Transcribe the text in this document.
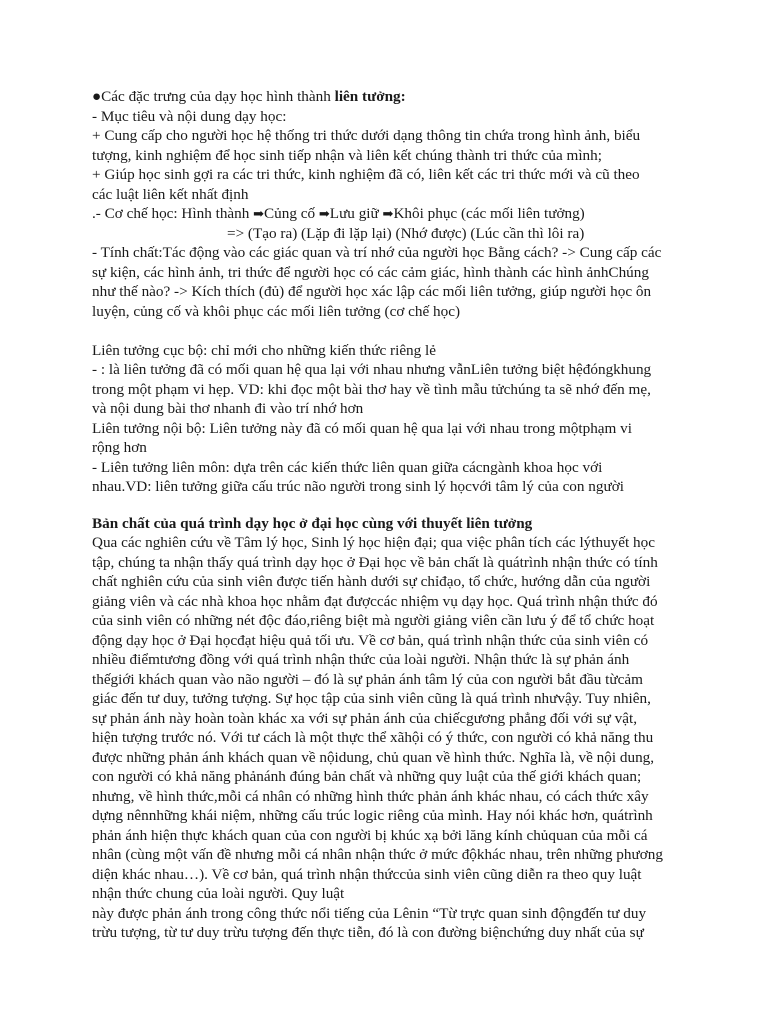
●Các đặc trưng của dạy học hình thành liên tưởng:
- Mục tiêu và nội dung dạy học:
+ Cung cấp cho người học hệ thống tri thức dưới dạng thông tin chứa trong hình ảnh, biểu
tượng, kinh nghiệm để học sinh tiếp nhận và liên kết chúng thành tri thức của mình;
+ Giúp học sinh gợi ra các tri thức, kinh nghiệm đã có, liên kết các tri thức mới và cũ theo
các luật liên kết nhất định
.- Cơ chế học: Hình thành ➡Củng cố ➡Lưu giữ ➡Khôi phục (các mối liên tưởng)
=> (Tạo ra) (Lặp đi lặp lại) (Nhớ được) (Lúc cần thì lôi ra)
- Tính chất:Tác động vào các giác quan và trí nhớ của người học Bằng cách? -> Cung cấp các
sự kiện, các hình ảnh, tri thức để người học có các cảm giác, hình thành các hình ảnhChúng
như thế nào? -> Kích thích (đủ) để người học xác lập các mối liên tưởng, giúp người học ôn
luyện, củng cố và khôi phục các mối liên tưởng (cơ chế học)
Liên tưởng cục bộ: chỉ mới cho những kiến thức riêng lẻ
- : là liên tưởng đã có mối quan hệ qua lại với nhau nhưng vẫnLiên tưởng biệt hệđóngkhung
trong một phạm vi hẹp. VD: khi đọc một bài thơ hay về tình mẫu tửchúng ta sẽ nhớ đến mẹ,
và nội dung bài thơ nhanh đi vào trí nhớ hơn
Liên tưởng nội bộ: Liên tưởng này đã có mối quan hệ qua lại với nhau trong mộtphạm vi
rộng hơn
- Liên tưởng liên môn: dựa trên các kiến thức liên quan giữa cácngành khoa học với
nhau.VD: liên tưởng giữa cấu trúc não người trong sinh lý họcvới tâm lý của con người
Bản chất của quá trình dạy học ở đại học cùng với thuyết liên tưởng
Qua các nghiên cứu về Tâm lý học, Sinh lý học hiện đại; qua việc phân tích các lýthuyết học
tập, chúng ta nhận thấy quá trình dạy học ở Đại học về bản chất là quátrình nhận thức có tính
chất nghiên cứu của sinh viên được tiến hành dưới sự chỉđạo, tổ chức, hướng dẫn của người
giảng viên và các nhà khoa học nhằm đạt đượccác nhiệm vụ dạy học. Quá trình nhận thức đó
của sinh viên có những nét độc đáo,riêng biệt mà người giảng viên cần lưu ý để tổ chức hoạt
động dạy học ở Đại họcđạt hiệu quả tối ưu. Về cơ bản, quá trình nhận thức của sinh viên có
nhiều điểmtương đồng với quá trình nhận thức của loài người. Nhận thức là sự phản ánh
thếgiới khách quan vào não người – đó là sự phản ánh tâm lý của con người bắt đầu từcảm
giác đến tư duy, tưởng tượng. Sự học tập của sinh viên cũng là quá trình nhưvậy. Tuy nhiên,
sự phản ánh này hoàn toàn khác xa với sự phản ánh của chiếcgương phẳng đối với sự vật,
hiện tượng trước nó. Với tư cách là một thực thể xãhội có ý thức, con người có khả năng thu
được những phản ánh khách quan về nộidung, chủ quan về hình thức. Nghĩa là, về nội dung,
con người có khả năng phảnánh đúng bản chất và những quy luật của thế giới khách quan;
nhưng, về hình thức,mỗi cá nhân có những hình thức phản ánh khác nhau, có cách thức xây
dựng nênnhững khái niệm, những cấu trúc logic riêng của mình. Hay nói khác hơn, quátrình
phản ánh hiện thực khách quan của con người bị khúc xạ bởi lăng kính chủquan của mỗi cá
nhân (cùng một vấn đề nhưng mỗi cá nhân nhận thức ở mức độkhác nhau, trên những phương
diện khác nhau…). Về cơ bản, quá trình nhận thứccủa sinh viên cũng diễn ra theo quy luật
nhận thức chung của loài người. Quy luật
này được phản ánh trong công thức nổi tiếng của Lênin “Từ trực quan sinh độngđến tư duy
trừu tượng, từ tư duy trừu tượng đến thực tiễn, đó là con đường biệnchứng duy nhất của sự
